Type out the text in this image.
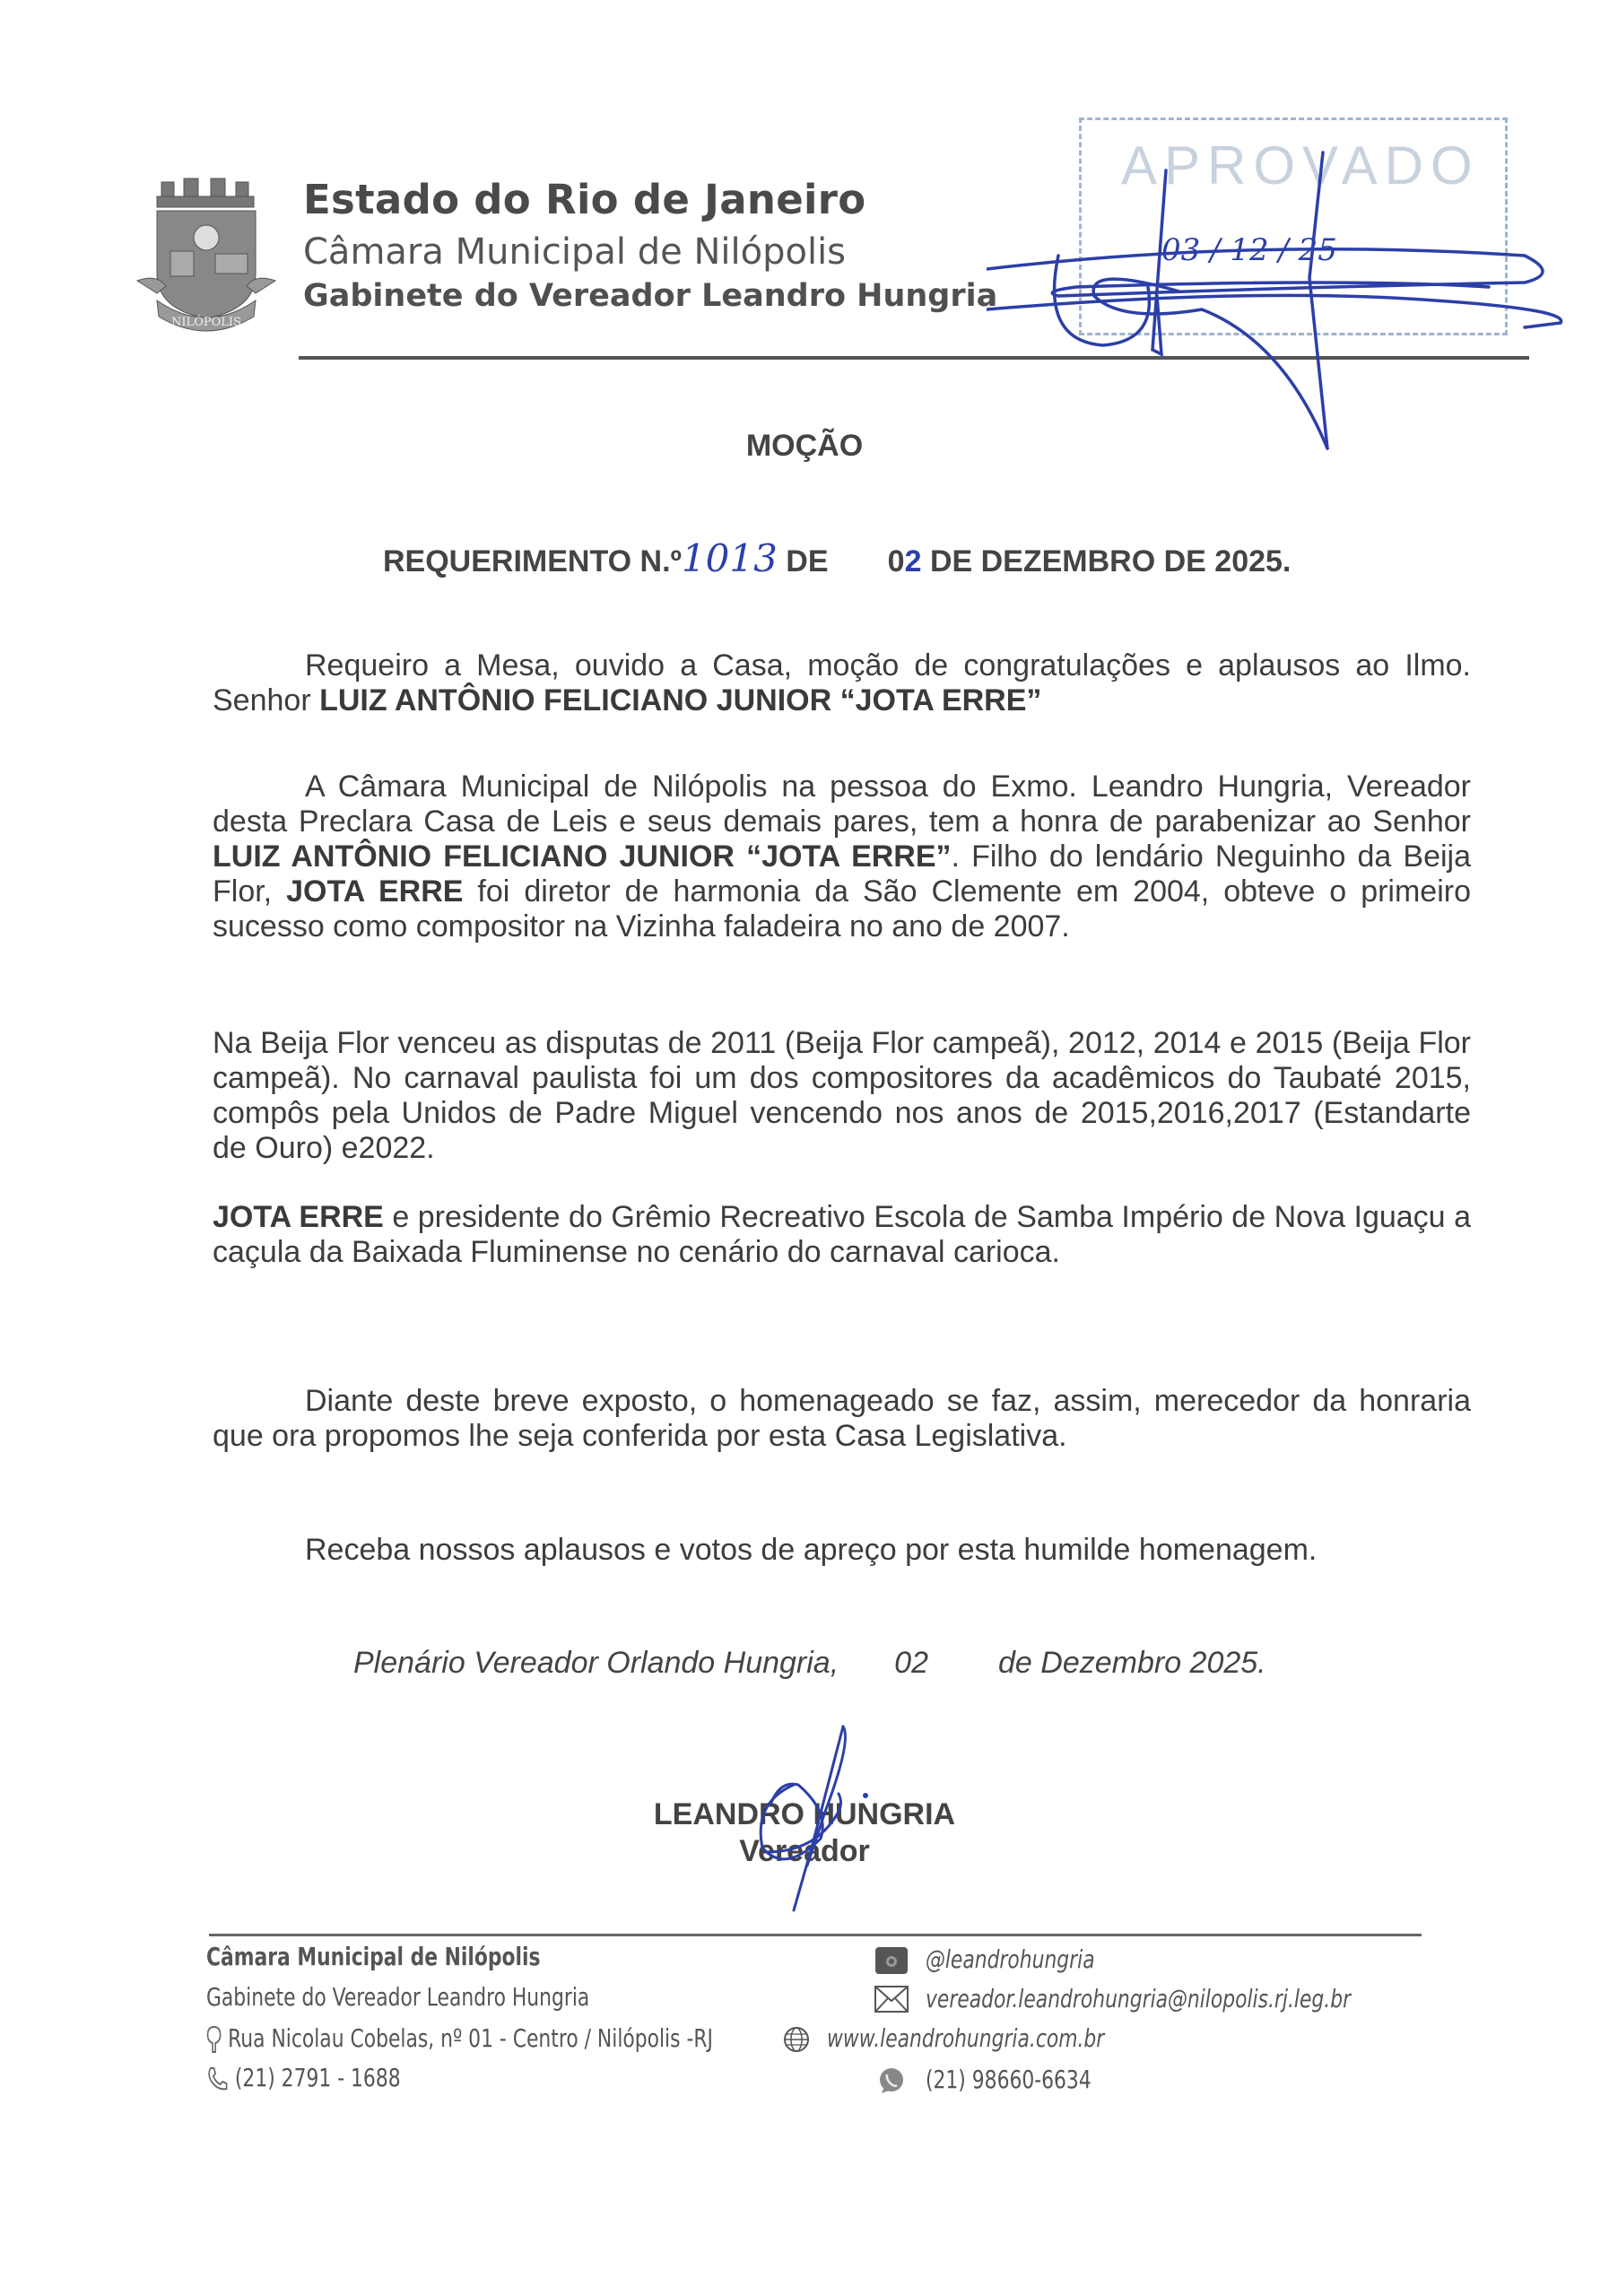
NILÓPOLIS
Estado do Rio de Janeiro
Câmara Municipal de Nilópolis
Gabinete do Vereador Leandro Hungria
APROVADO
03 / 12 / 25
MOÇÃO
REQUERIMENTO N.º1013 DE 02 DE DEZEMBRO DE 2025.
Requeiro a Mesa, ouvido a Casa, moção de congratulações e aplausos ao Ilmo. Senhor LUIZ ANTÔNIO FELICIANO JUNIOR “JOTA ERRE”
A Câmara Municipal de Nilópolis na pessoa do Exmo. Leandro Hungria, Vereador desta Preclara Casa de Leis e seus demais pares, tem a honra de parabenizar ao Senhor LUIZ ANTÔNIO FELICIANO JUNIOR “JOTA ERRE”. Filho do lendário Neguinho da Beija Flor, JOTA ERRE foi diretor de harmonia da São Clemente em 2004, obteve o primeiro sucesso como compositor na Vizinha faladeira no ano de 2007.
Na Beija Flor venceu as disputas de 2011 (Beija Flor campeã), 2012, 2014 e 2015 (Beija Flor campeã). No carnaval paulista foi um dos compositores da acadêmicos do Taubaté 2015, compôs pela Unidos de Padre Miguel vencendo nos anos de 2015,2016,2017 (Estandarte de Ouro) e2022.
JOTA ERRE e presidente do Grêmio Recreativo Escola de Samba Império de Nova Iguaçu a caçula da Baixada Fluminense no cenário do carnaval carioca.
Diante deste breve exposto, o homenageado se faz, assim, merecedor da honraria que ora propomos lhe seja conferida por esta Casa Legislativa.
Receba nossos aplausos e votos de apreço por esta humilde homenagem.
Plenário Vereador Orlando Hungria, 02 de Dezembro 2025.
LEANDRO HUNGRIA
Vereador
Câmara Municipal de Nilópolis
Gabinete do Vereador Leandro Hungria
Rua Nicolau Cobelas, nº 01 - Centro / Nilópolis -RJ	www.leandrohungria.com.br
(21) 2791 - 1688
@leandrohungria
vereador.leandrohungria@nilopolis.rj.leg.br
(21) 98660-6634
